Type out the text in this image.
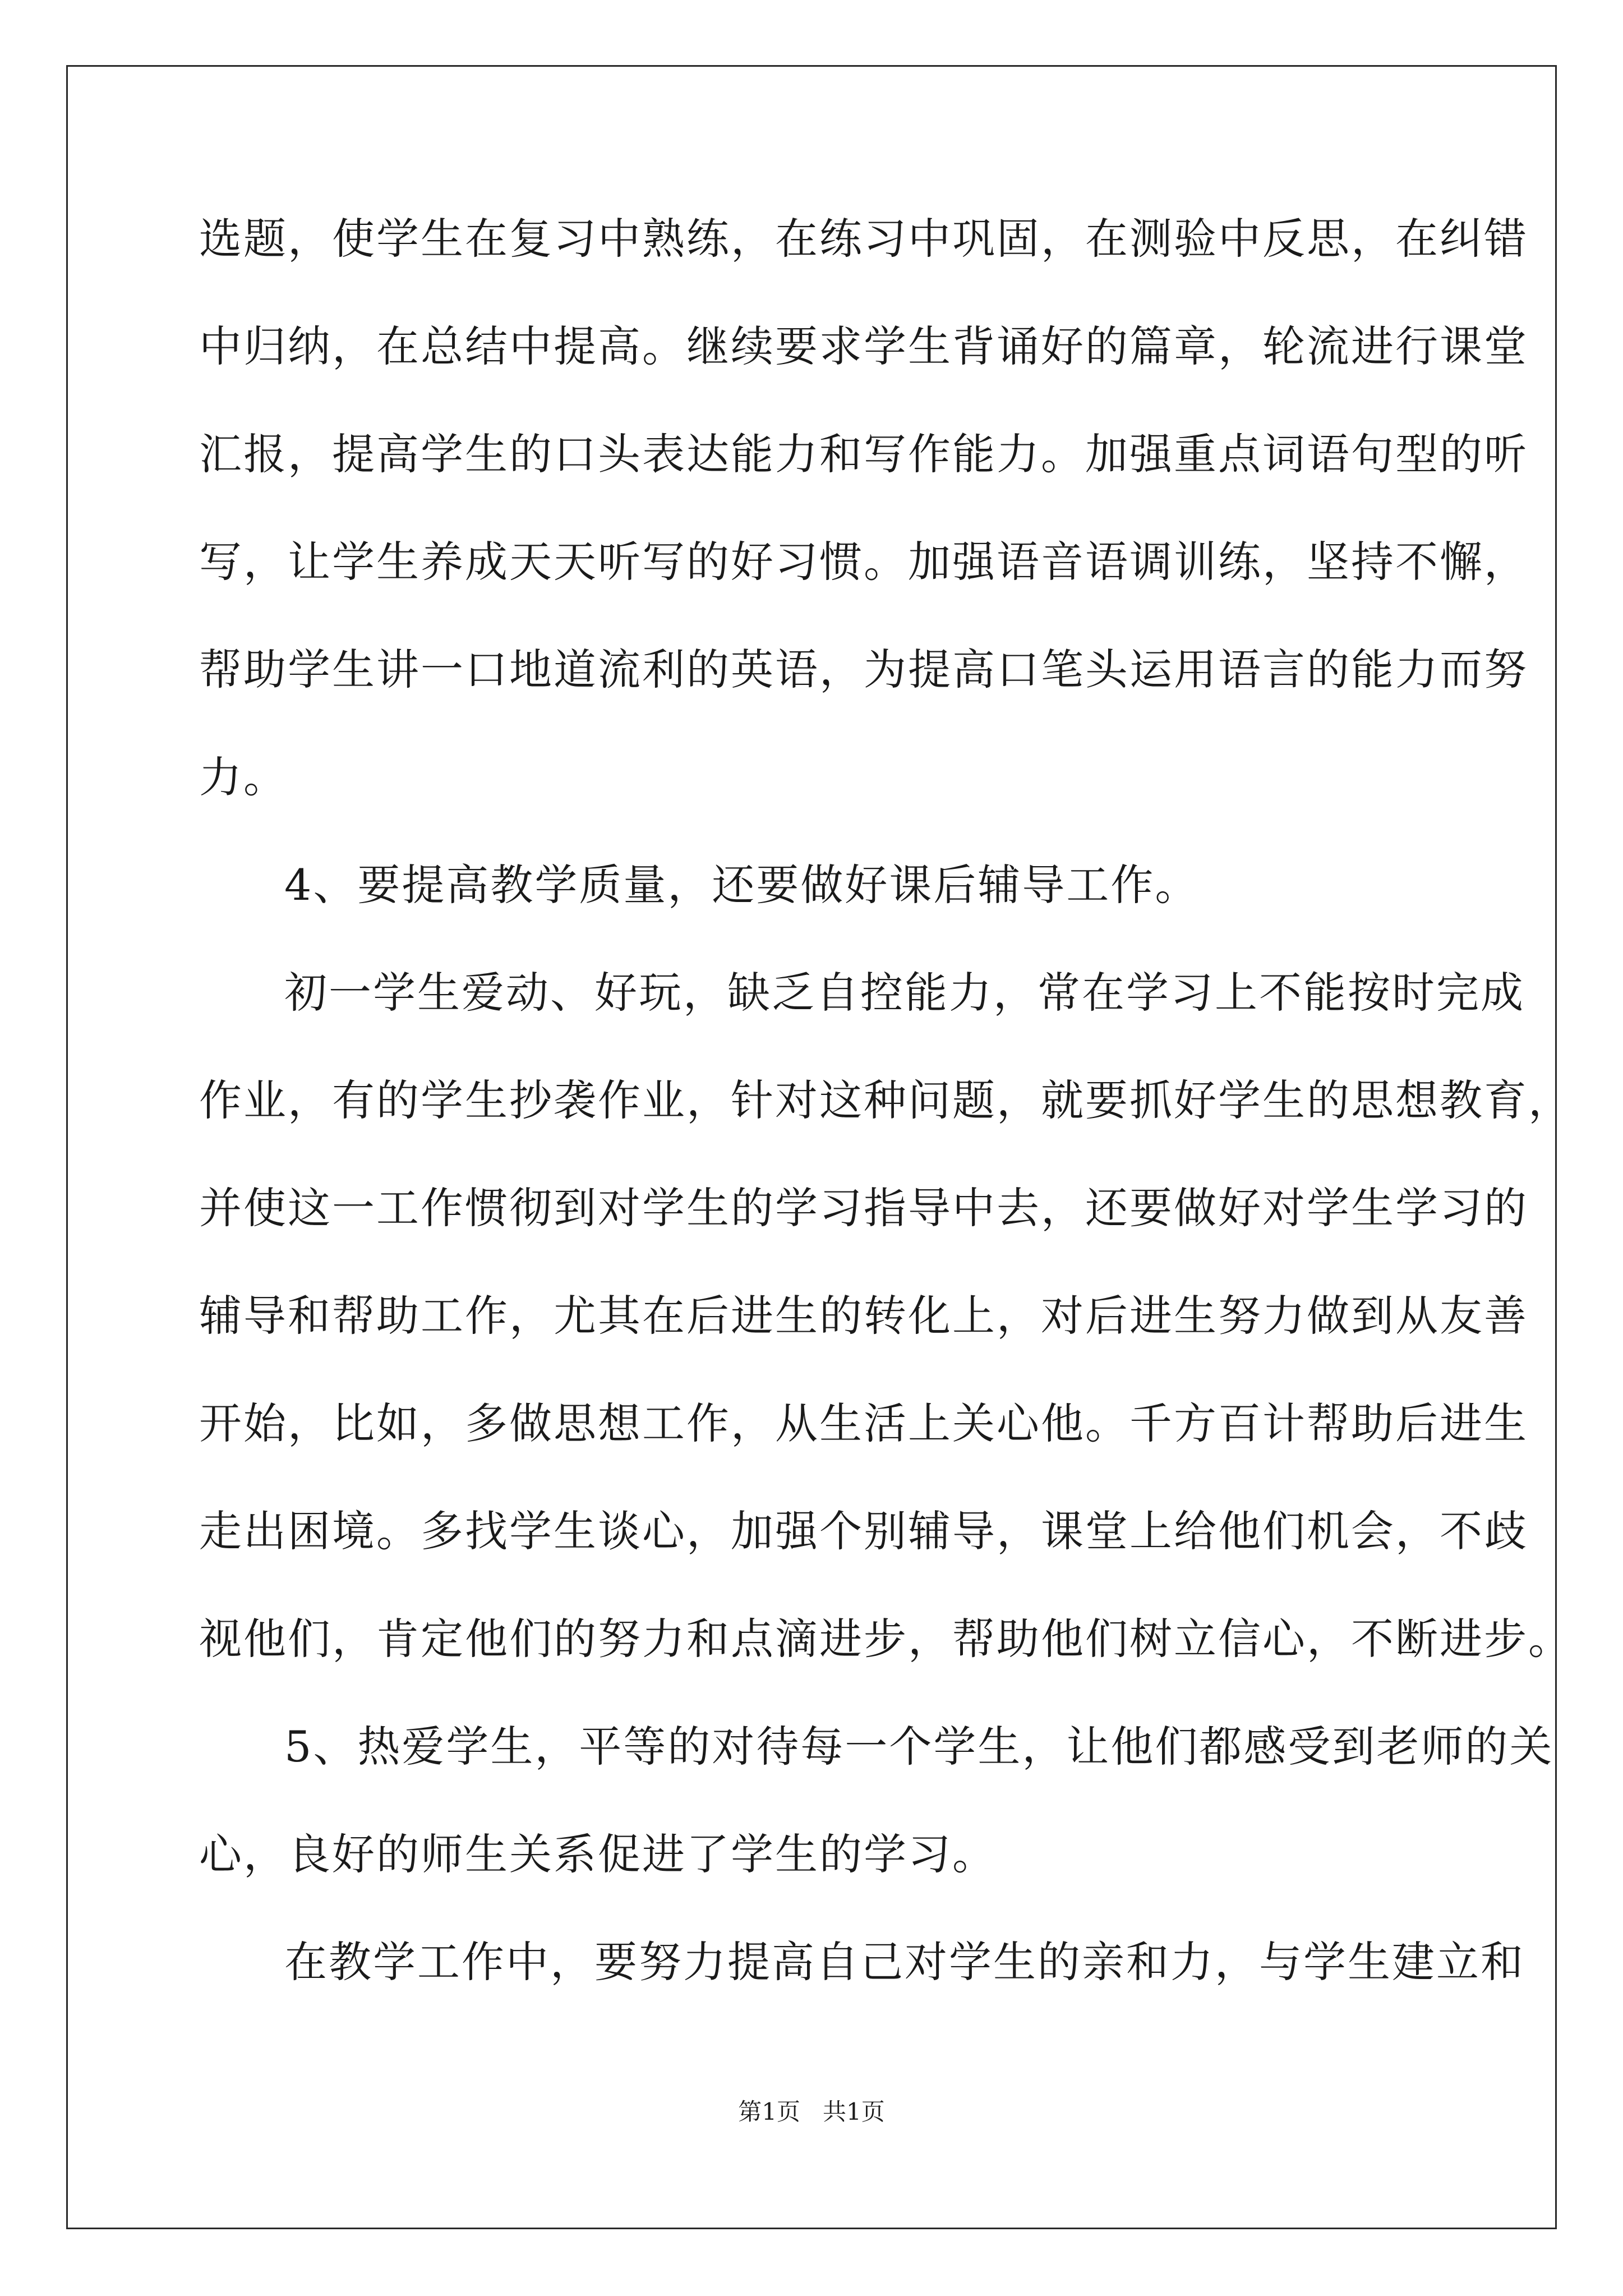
选题，使学生在复习中熟练，在练习中巩固，在测验中反思，在纠错
中归纳，在总结中提高。继续要求学生背诵好的篇章，轮流进行课堂
汇报，提高学生的口头表达能力和写作能力。加强重点词语句型的听
写，让学生养成天天听写的好习惯。加强语音语调训练，坚持不懈，
帮助学生讲一口地道流利的英语，为提高口笔头运用语言的能力而努
力。
4、要提高教学质量，还要做好课后辅导工作。
初一学生爱动、好玩，缺乏自控能力，常在学习上不能按时完成
作业，有的学生抄袭作业，针对这种问题，就要抓好学生的思想教育，
并使这一工作惯彻到对学生的学习指导中去，还要做好对学生学习的
辅导和帮助工作，尤其在后进生的转化上，对后进生努力做到从友善
开始，比如，多做思想工作，从生活上关心他。千方百计帮助后进生
走出困境。多找学生谈心，加强个别辅导，课堂上给他们机会，不歧
视他们，肯定他们的努力和点滴进步，帮助他们树立信心，不断进步。
5、热爱学生，平等的对待每一个学生，让他们都感受到老师的关
心，良好的师生关系促进了学生的学习。
在教学工作中，要努力提高自己对学生的亲和力，与学生建立和
第1页 共1页
